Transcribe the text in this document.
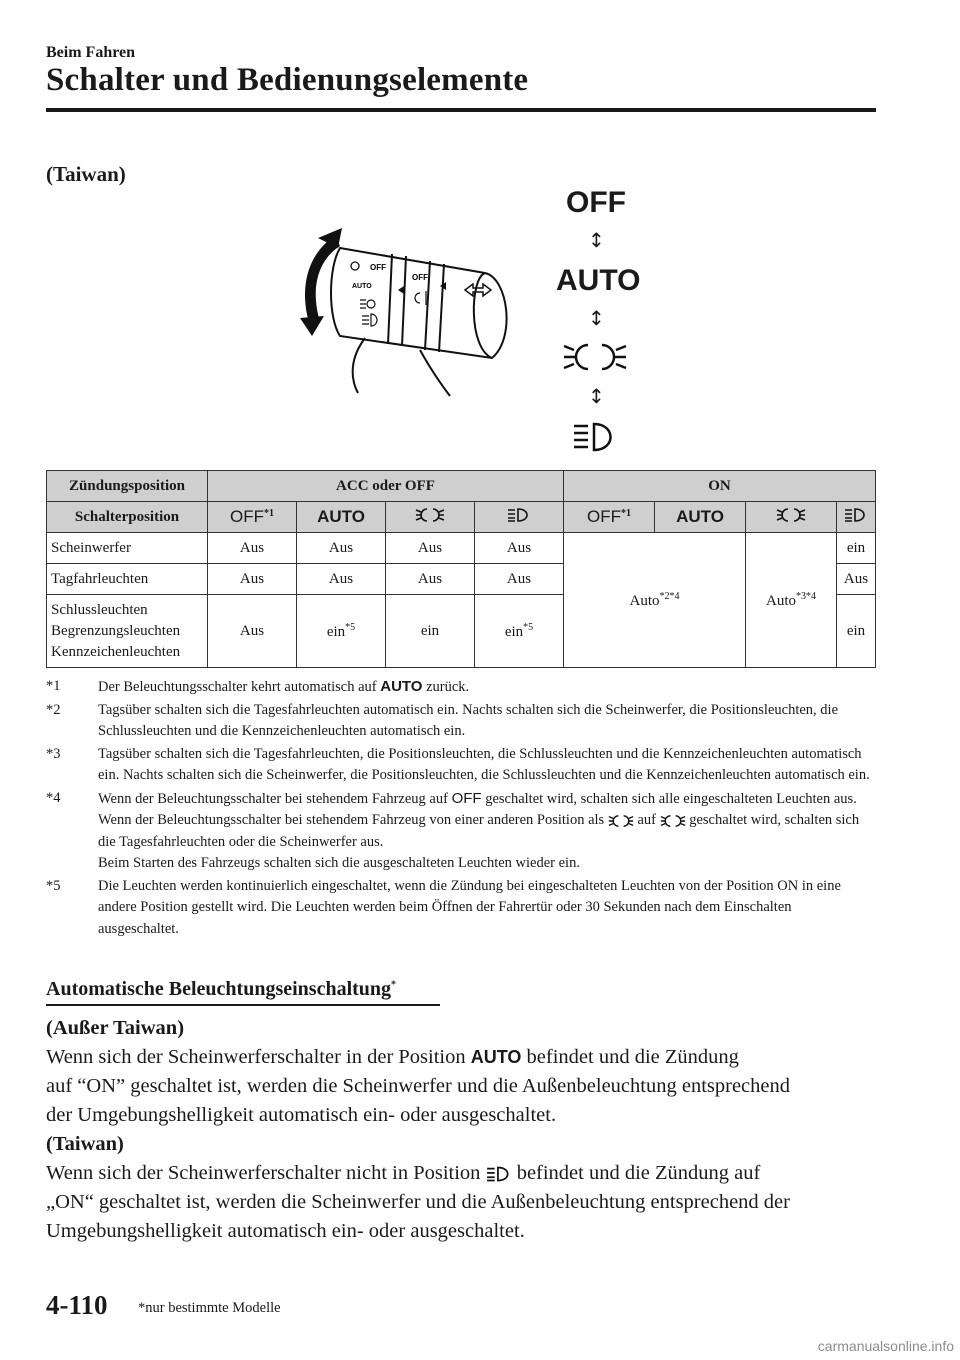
Beim Fahren
Schalter und Bedienungselemente
(Taiwan)
OFF
AUTO
OFF
OFF
↕
AUTO
↕
↕
Zündungsposition	ACC oder OFF				ON			
Schalterposition	OFF$^{*1}$	AUTO			OFF$^{*1}$	AUTO		
Scheinwerfer	Aus	Aus	Aus	Aus	Auto$^{*2*4}$		Auto$^{*3*4}$	ein
Tagfahrleuchten	Aus	Aus	Aus	Aus				Aus
Schlussleuchten
Begrenzungsleuchten
Kennzeichenleuchten	Aus	ein$^{*5}$	ein	ein$^{*5}$				ein
*1	Der Beleuchtungsschalter kehrt automatisch auf AUTO zurück.
*2	Tagsüber schalten sich die Tagesfahrleuchten automatisch ein. Nachts schalten sich die Scheinwerfer, die Positionsleuchten, die Schlussleuchten und die Kennzeichenleuchten automatisch ein.
*3	Tagsüber schalten sich die Tagesfahrleuchten, die Positionsleuchten, die Schlussleuchten und die Kennzeichenleuchten automatisch ein. Nachts schalten sich die Scheinwerfer, die Positionsleuchten, die Schlussleuchten und die Kennzeichenleuchten automatisch ein.
*4	Wenn der Beleuchtungsschalter bei stehendem Fahrzeug auf OFF geschaltet wird, schalten sich alle eingeschalteten Leuchten aus. Wenn der Beleuchtungsschalter bei stehendem Fahrzeug von einer anderen Position als auf geschaltet wird, schalten sich die Tagesfahrleuchten oder die Scheinwerfer aus.
Beim Starten des Fahrzeugs schalten sich die ausgeschalteten Leuchten wieder ein.
*5	Die Leuchten werden kontinuierlich eingeschaltet, wenn die Zündung bei eingeschalteten Leuchten von der Position ON in eine andere Position gestellt wird. Die Leuchten werden beim Öffnen der Fahrertür oder 30 Sekunden nach dem Einschalten ausgeschaltet.
Automatische Beleuchtungseinschaltung*
(Außer Taiwan)
Wenn sich der Scheinwerferschalter in der Position AUTO befindet und die Zündung
auf “ON” geschaltet ist, werden die Scheinwerfer und die Außenbeleuchtung entsprechend
der Umgebungshelligkeit automatisch ein- oder ausgeschaltet.
(Taiwan)
Wenn sich der Scheinwerferschalter nicht in Position befindet und die Zündung auf
„ON“ geschaltet ist, werden die Scheinwerfer und die Außenbeleuchtung entsprechend der
Umgebungshelligkeit automatisch ein- oder ausgeschaltet.
4-110 *nur bestimmte Modelle
carmanualsonline.info
